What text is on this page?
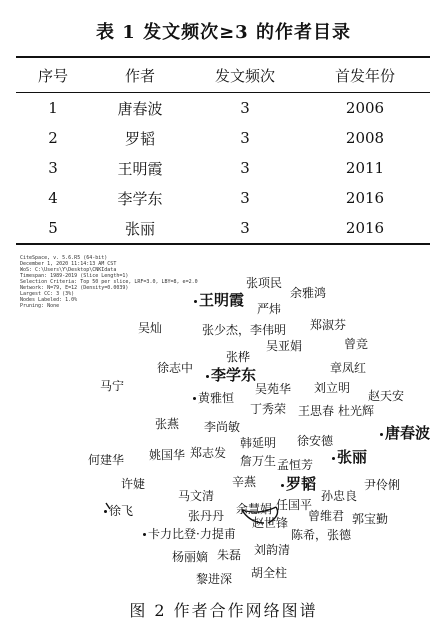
表 1 发文频次≥3 的作者目录
序号	作者	发文频次	首发年份
1	唐春波	3	2006
2	罗韬	3	2008
3	王明霞	3	2011
4	李学东	3	2016
5	张丽	3	2016
CiteSpace, v. 5.6.R5 (64-bit)
December 1, 2020 11:14:13 AM CST
WoS: C:\Users\Y\Desktop\CNKIdata
Timespan: 1989-2019 (Slice Length=1)
Selection Criteria: Top 50 per slice, LRF=3.0, LBY=8, e=2.0
Network: N=79, E=12 (Density=0.0039)
Largest CC: 3 (3%)
Nodes Labeled: 1.0%
Pruning: None
张项民
王明霞 严炜
余雅鸿
吴灿	张少杰，李伟明 郑淑芬
吴亚娟	曾竞
张桦
徐志中	章凤红
李学东
马宁	吴苑华 刘立明
赵天安
黄雅恒
丁秀荣 王思春 杜光辉
张燕 李尚敏	唐春波
韩延明 徐安德
何建华 姚国华 郑志发
詹万生 孟恒芳	张丽
许婕	辛燕	罗韬	尹伶俐
马文清	孙忠良
徐飞	余慧娟 任国平
张丹丹	曾维君 郭宝勤
赵世锋
卡力比登·力提甫	陈希，张德
刘韵清
杨丽嫡 朱磊
胡全柱
黎进深
图 2 作者合作网络图谱
